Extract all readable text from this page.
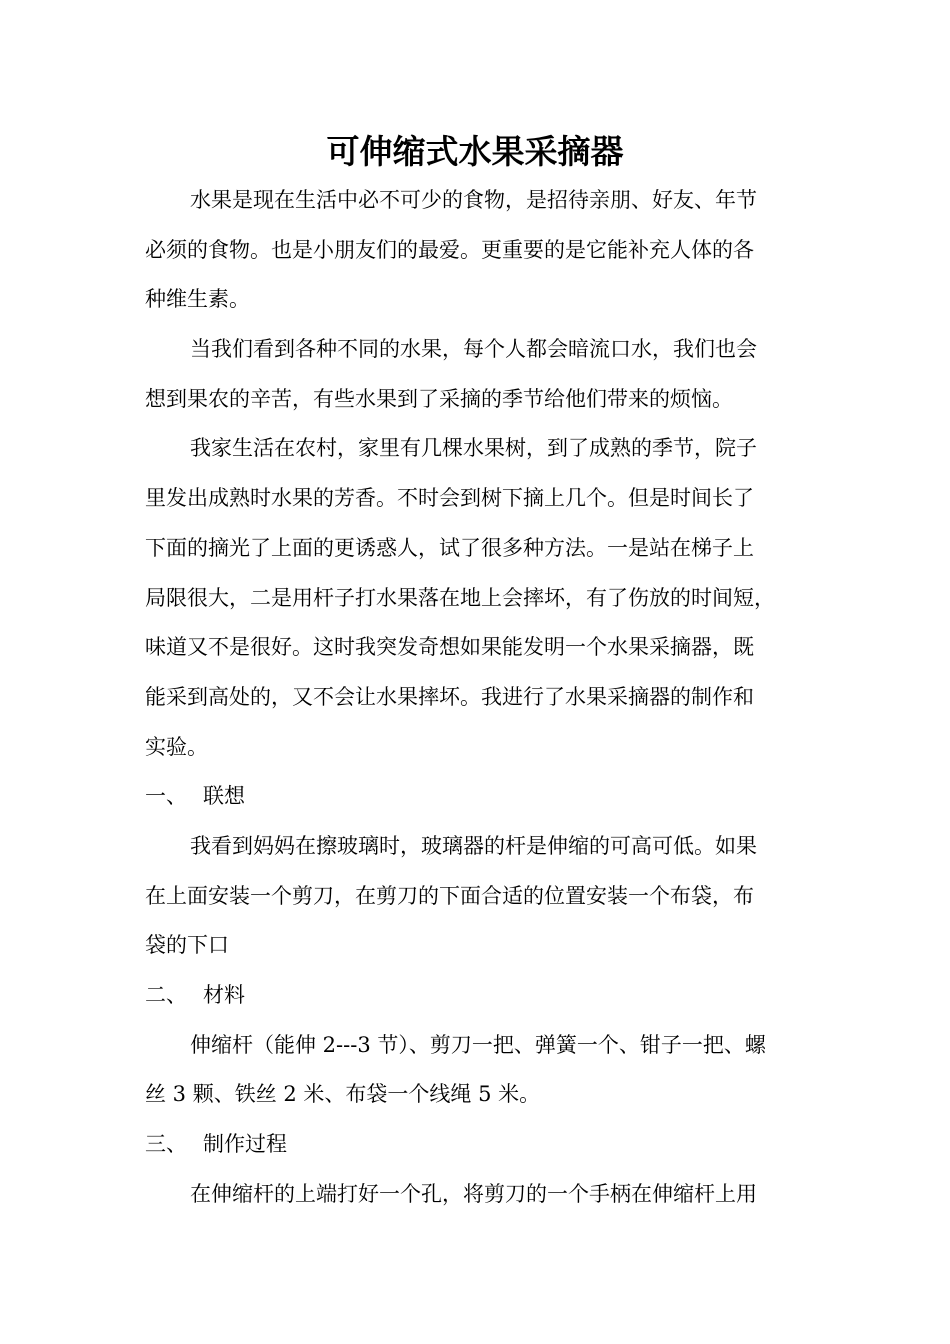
可伸缩式水果采摘器
水果是现在生活中必不可少的食物，是招待亲朋、好友、年节
必须的食物。也是小朋友们的最爱。更重要的是它能补充人体的各
种维生素。
当我们看到各种不同的水果，每个人都会暗流口水，我们也会
想到果农的辛苦，有些水果到了采摘的季节给他们带来的烦恼。
我家生活在农村，家里有几棵水果树，到了成熟的季节，院子
里发出成熟时水果的芳香。不时会到树下摘上几个。但是时间长了
下面的摘光了上面的更诱惑人，试了很多种方法。一是站在梯子上
局限很大，二是用杆子打水果落在地上会摔坏，有了伤放的时间短，
味道又不是很好。这时我突发奇想如果能发明一个水果采摘器，既
能采到高处的，又不会让水果摔坏。我进行了水果采摘器的制作和
实验。
一、 联想
我看到妈妈在擦玻璃时，玻璃器的杆是伸缩的可高可低。如果
在上面安装一个剪刀，在剪刀的下面合适的位置安装一个布袋，布
袋的下口
二、 材料
伸缩杆（能伸 2---3 节）、剪刀一把、弹簧一个、钳子一把、螺
丝 3 颗、铁丝 2 米、布袋一个线绳 5 米。
三、 制作过程
在伸缩杆的上端打好一个孔，将剪刀的一个手柄在伸缩杆上用
